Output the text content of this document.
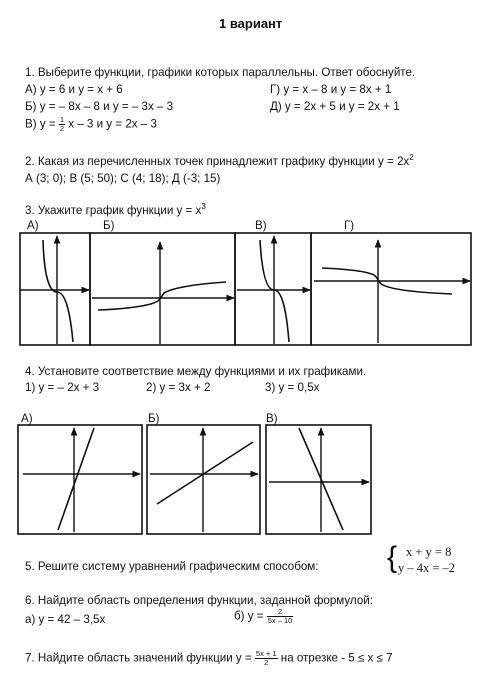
1 вариант
1. Выберите функции, графики которых параллельны. Ответ обоснуйте.
А) у = 6 и у = х + 6
Б) у = – 8х – 8 и у = – 3х – 3
В) $у = \frac{1}{2}$ х – 3 и у = 2х – 3
Г) у = х – 8 и у = 8х + 1
Д) у = 2х + 5 и у = 2х + 1
2. Какая из перечисленных точек принадлежит графику функции $у = 2х^2$
А (3; 0); В (5; 50); С (4; 18); Д (-3; 15)
3. Укажите график функции $у = х^3$
А)	Б)	В)	Г)
4. Установите соответствие между функциями и их графиками.
1) у = – 2х + 3	2) у = 3х + 2	3) у = 0,5х
А)	Б)	В)
5. Решите систему уравнений графическим способом: { х + у = 8
у – 4х = –2
6. Найдите область определения функции, заданной формулой:
а) у = 42 – 3,5х	б) $у = \frac{2}{5х - 10}$
7. Найдите область значений функции $у = \frac{5х + 1}{2}$ на отрезке - 5 ≤ х ≤ 7
